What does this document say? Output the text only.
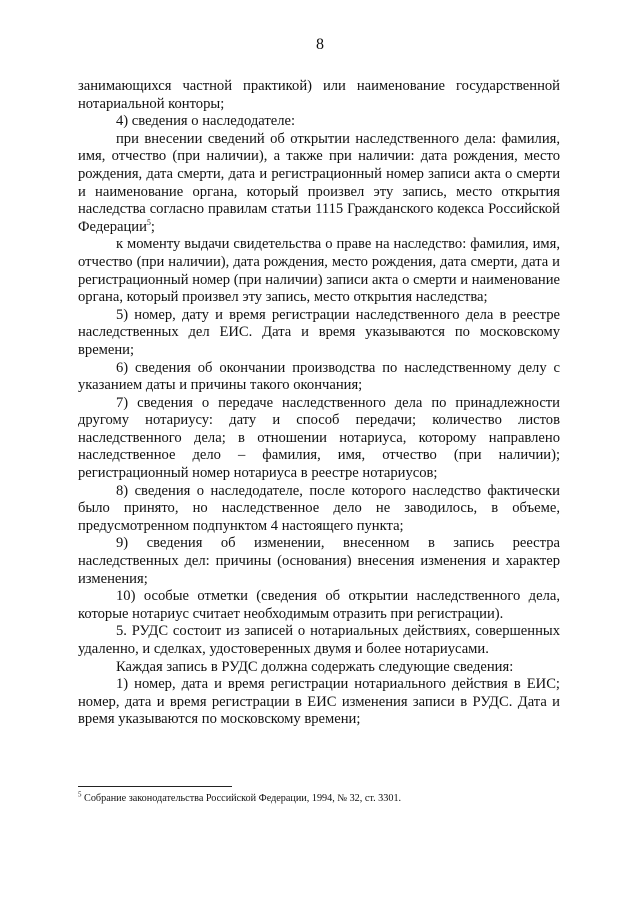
8

занимающихся частной практикой) или наименование государственной нотариальной конторы;

4) сведения о наследодателе:

при внесении сведений об открытии наследственного дела: фамилия, имя, отчество (при наличии), а также при наличии: дата рождения, место рождения, дата смерти, дата и регистрационный номер записи акта о смерти и наименование органа, который произвел эту запись, место открытия наследства согласно правилам статьи 1115 Гражданского кодекса Российской Федерации$^5$;

к моменту выдачи свидетельства о праве на наследство: фамилия, имя, отчество (при наличии), дата рождения, место рождения, дата смерти, дата и регистрационный номер (при наличии) записи акта о смерти и наименование органа, который произвел эту запись, место открытия наследства;

5) номер, дату и время регистрации наследственного дела в реестре наследственных дел ЕИС. Дата и время указываются по московскому времени;

6) сведения об окончании производства по наследственному делу с указанием даты и причины такого окончания;

7) сведения о передаче наследственного дела по принадлежности другому нотариусу: дату и способ передачи; количество листов наследственного дела; в отношении нотариуса, которому направлено наследственное дело – фамилия, имя, отчество (при наличии); регистрационный номер нотариуса в реестре нотариусов;

8) сведения о наследодателе, после которого наследство фактически было принято, но наследственное дело не заводилось, в объеме, предусмотренном подпунктом 4 настоящего пункта;

9) сведения об изменении, внесенном в запись реестра наследственных дел: причины (основания) внесения изменения и характер изменения;

10) особые отметки (сведения об открытии наследственного дела, которые нотариус считает необходимым отразить при регистрации).

5. РУДС состоит из записей о нотариальных действиях, совершенных удаленно, и сделках, удостоверенных двумя и более нотариусами.

Каждая запись в РУДС должна содержать следующие сведения:

1) номер, дата и время регистрации нотариального действия в ЕИС; номер, дата и время регистрации в ЕИС изменения записи в РУДС. Дата и время указываются по московскому времени;

$^5$ Собрание законодательства Российской Федерации, 1994, № 32, ст. 3301.
